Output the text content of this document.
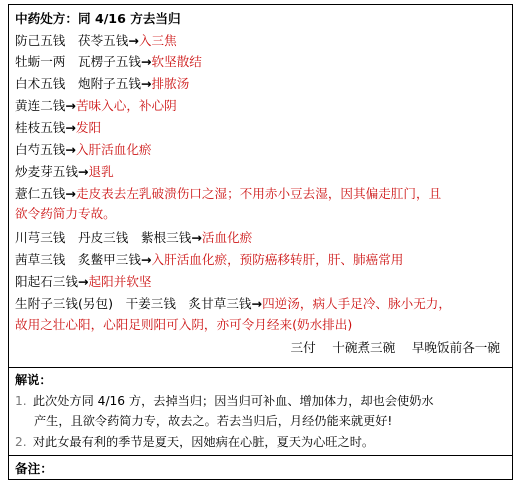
中药处方：同 4/16 方去当归
防己五钱　茯苓五钱→入三焦
牡蛎一两　瓦楞子五钱→软坚散结
白术五钱　炮附子五钱→排脓汤
黄连二钱→苦味入心，补心阴
桂枝五钱→发阳
白芍五钱→入肝活血化瘀
炒麦芽五钱→退乳
薏仁五钱→走皮表去左乳破溃伤口之湿；不用赤小豆去湿，因其偏走肛门，且
欲令药简力专故。
川芎三钱　丹皮三钱　紫根三钱→活血化瘀
茜草三钱　炙鳖甲三钱→入肝活血化瘀，预防癌移转肝，肝、肺癌常用
阳起石三钱→起阳并软坚
生附子三钱(另包)　干姜三钱　炙甘草三钱→四逆汤，病人手足冷、脉小无力，
故用之壮心阳，心阳足则阳可入阴，亦可令月经来(奶水排出)
三付　 十碗煮三碗　 早晚饭前各一碗
解说：
1. 此次处方同 4/16 方，去掉当归；因当归可补血、增加体力，却也会使奶水
产生，且欲令药简力专，故去之。若去当归后，月经仍能来就更好!
2. 对此女最有利的季节是夏天，因她病在心脏，夏天为心旺之时。
备注：
